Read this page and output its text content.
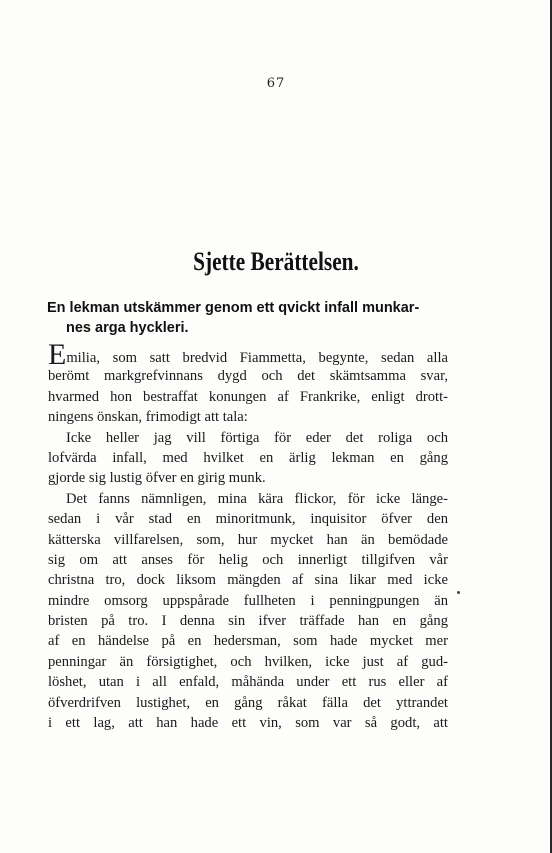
67
Sjette Berättelsen.
En lekman utskämmer genom ett qvickt infall munkar-
nes arga hyckleri.
Emilia, som satt bredvid Fiammetta, begynte, sedan alla
berömt markgrefvinnans dygd och det skämtsamma svar,
hvarmed hon bestraffat konungen af Frankrike, enligt drott-
ningens önskan, frimodigt att tala:
Icke heller jag vill förtiga för eder det roliga och
lofvärda infall, med hvilket en ärlig lekman en gång
gjorde sig lustig öfver en girig munk.
Det fanns nämnligen, mina kära flickor, för icke länge-
sedan i vår stad en minoritmunk, inquisitor öfver den
kätterska villfarelsen, som, hur mycket han än bemödade
sig om att anses för helig och innerligt tillgifven vår
christna tro, dock liksom mängden af sina likar med icke
mindre omsorg uppspårade fullheten i penningpungen än
bristen på tro. I denna sin ifver träffade han en gång
af en händelse på en hedersman, som hade mycket mer
penningar än försigtighet, och hvilken, icke just af gud-
löshet, utan i all enfald, måhända under ett rus eller af
öfverdrifven lustighet, en gång råkat fälla det yttrandet
i ett lag, att han hade ett vin, som var så godt, att
